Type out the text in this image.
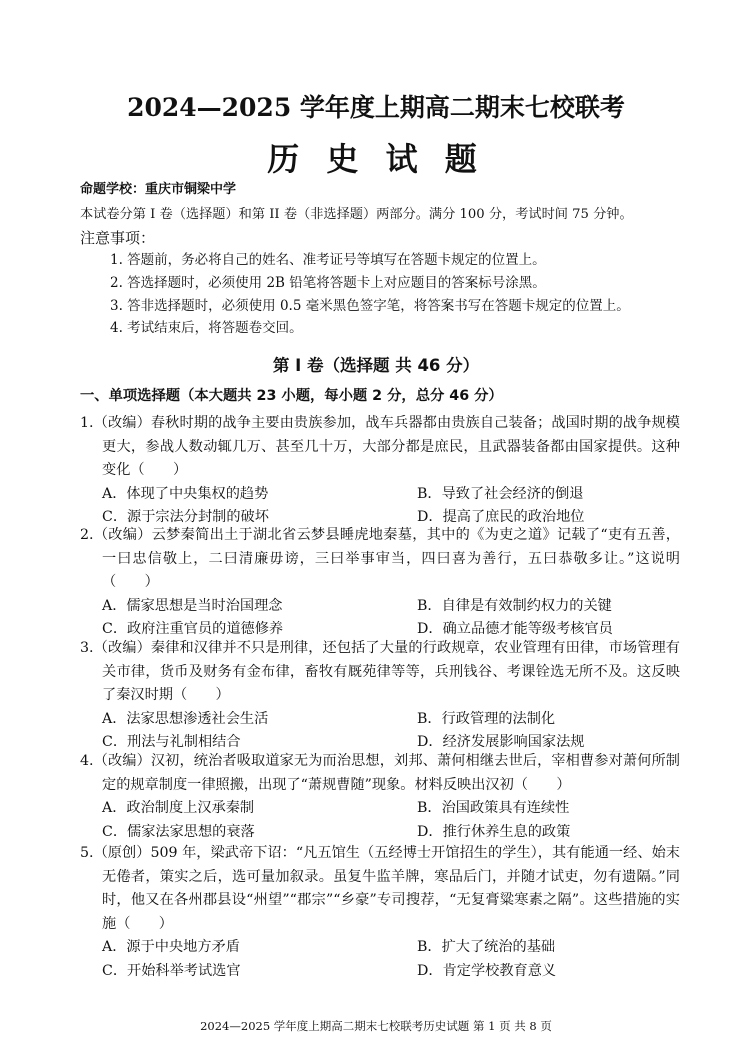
2024—2025 学年度上期高二期末七校联考
历 史 试 题
命题学校：重庆市铜梁中学
本试卷分第 I 卷（选择题）和第 II 卷（非选择题）两部分。满分 100 分，考试时间 75 分钟。
注意事项：
1. 答题前，务必将自己的姓名、准考证号等填写在答题卡规定的位置上。
2. 答选择题时，必须使用 2B 铅笔将答题卡上对应题目的答案标号涂黑。
3. 答非选择题时，必须使用 0.5 毫米黑色签字笔，将答案书写在答题卡规定的位置上。
4. 考试结束后，将答题卷交回。
第 I 卷（选择题 共 46 分）
一、单项选择题（本大题共 23 小题，每小题 2 分，总分 46 分）
1.（改编）春秋时期的战争主要由贵族参加，战车兵器都由贵族自己装备；战国时期的战争规模更大，参战人数动辄几万、甚至几十万，大部分都是庶民，且武器装备都由国家提供。这种变化（　　）
A．体现了中央集权的趋势	B．导致了社会经济的倒退
C．源于宗法分封制的破坏	D．提高了庶民的政治地位
2.（改编）云梦秦简出土于湖北省云梦县睡虎地秦墓，其中的《为吏之道》记载了“吏有五善，一曰忠信敬上，二曰清廉毋谤，三曰举事审当，四曰喜为善行，五曰恭敬多让。”这说明（　　）
A．儒家思想是当时治国理念	B．自律是有效制约权力的关键
C．政府注重官员的道德修养	D．确立品德才能等级考核官员
3.（改编）秦律和汉律并不只是刑律，还包括了大量的行政规章，农业管理有田律，市场管理有关市律，货币及财务有金布律，畜牧有厩苑律等等，兵刑钱谷、考课铨选无所不及。这反映了秦汉时期（　　）
A．法家思想渗透社会生活	B．行政管理的法制化
C．刑法与礼制相结合	D．经济发展影响国家法规
4.（改编）汉初，统治者吸取道家无为而治思想，刘邦、萧何相继去世后，宰相曹参对萧何所制定的规章制度一律照搬，出现了“萧规曹随”现象。材料反映出汉初（　　）
A．政治制度上汉承秦制	B．治国政策具有连续性
C．儒家法家思想的衰落	D．推行休养生息的政策
5.（原创）509 年，梁武帝下诏：“凡五馆生（五经博士开馆招生的学生），其有能通一经、始末无倦者，策实之后，选可量加叙录。虽复牛监羊牌，寒品后门，并随才试吏，勿有遗隔。”同时，他又在各州郡县设“州望”“郡宗”“乡豪”专司搜荐，“无复膏粱寒素之隔”。这些措施的实施（　　）
A．源于中央地方矛盾	B．扩大了统治的基础
C．开始科举考试选官	D．肯定学校教育意义
2024—2025 学年度上期高二期末七校联考历史试题 第 1 页 共 8 页
